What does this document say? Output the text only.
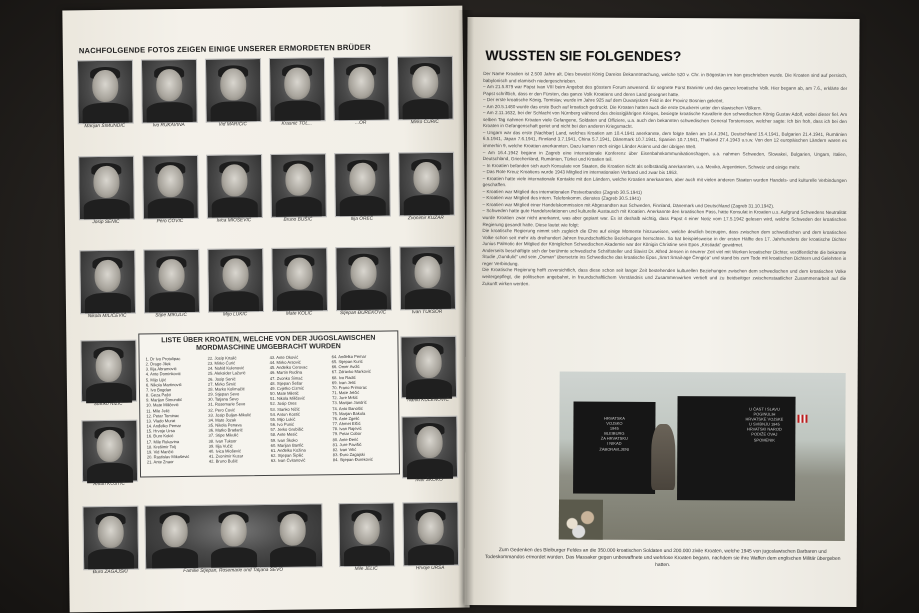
NACHFOLGENDE FOTOS ZEIGEN EINIGE UNSERER ERMORDETEN BRÜDER
Marijan ŠIMUNDIĆ	Ivo RUKAVINA	Vid MARIČIĆ	Krasnić TOL...	...OR	Mirko ĆURIĆ
Josip SENIĆ	Pero ĆOVIĆ	Ivica MIOŠEVIĆ	Bruno BUŠIĆ	Ilija OREČ	Zvonimir KUZAR
Nikola MILIČEVIĆ	Stipe MIKULIĆ	Mijo LUKIĆ	Mate KOLIĆ	Stjepan ĐUREKOVIĆ	Ivan TUKSOR
Stanko NIŽIĆ
Nahid KULENOVIĆ
Antun KOSTIĆ
Ivan ŠKOKO
Đuro ZAGAJSKI	Familie Stjepan, Rosemarie und Tatjana ŠEVO	Mile JELIĆ	Hrvoje URSA
LISTE ÜBER KROATEN, WELCHE VON DER JUGOSLAWISCHEN MORDMASCHINE UMGEBRACHT WURDEN
1. Dr Ivo Protulipac
2. Drago Jilek
3. Ilija Abramović
4. Ante Dominković
5. Mijo Lijić
6. Nikola Martinović
7. Ivo Bogdan
8. Geza Pašti
9. Marijan Šimundić
10. Mate Miličević
11. Mile Jelić
12. Petar Tominac
13. Vlado Murat
14. Anđelko Pemar
15. Hrvoje Ursa
16. Đuro Kokić
17. Mile Rukavina
18. Krešimir Tolj
19. Vid Maričić
20. Rastislav Mikošević
21. Ante Znaor
22. Josip Krtalić
23. Mirko Ćurić
24. Nahid Kulenović
25. Aleksider Lažurić
26. Josip Senić
27. Mirko Šimić
28. Marko Kolimačić
29. Stjepan Sevo
30. Tatjana Ševo
31. Rosemarie Ševo
32. Pero Ćović
33. Josip Buljan-Mikulić
34. Mato Jozak
35. Nikola Penava
36. Matko Bradarić
37. Stipe Mikulić
38. Ivan Tuksor
39. Ilija Vučić
40. Ivica Miošević
41. Zvonimir Kuzar
42. Bruno Bušić
43. Ante Oković
44. Mirko Arsović
45. Anđelko Cerovac
46. Martin Rudina
47. Zvonko Šimać
48. Stjepan Šešar
49. Cvjetko Cizmić
50. Mate Miletić
51. Nikola Miličević
52. Josip Ores
53. Stanko Nižić
54. Antun Kostić
55. Mijo Lukić
56. Ivo Punić
57. Jerko Grubišić
58. Ante Mesić
59. Ivan Škoko
60. Marijan Banfić
61. Anđelko Kožina
62. Stjepan Šipilić
63. Ivan Čvitanović
64. Anđelko Pemar
65. Stjepan Kurić
66. Omer Avdić
67. Zdravko Marković
68. Ivo Radić
69. Ivan Jelić
70. Frano Primorac
71. Mate Jelčić
72. Jure Mršić
73. Marijan Jandrić
74. Anto Banošić
75. Marjan Bakula
76. Ante Zgelić
77. Ahmet Elčić
78. Ivan Rajević
79. Petar Cobor
80. Ante Đerić
81. Jure Pavišić
82. Ivan Vrlić
83. Đuro Zagajski
84. Stjepan Đureković
WUSSTEN SIE FOLGENDES?
Der Name Kroatien ist 2.500 Jahre alt. Dies beweist König Dareios Bekanntmachung, welche 520 v. Chr. in Bögostan im Iran geschrieben wurde. Die Kroaten sind auf persisch, babylonisch und elamisch niedergeschrieben.
– Am 21.5.879 war Papst Ivan VIII beim Angebot des gösstem Forum anwesend. Er segnete Fürst Branimir und das ganze kroatische Volk. Hier begann ab, am 7.6., erklärte der Papst schriftlich, dass er den Fürsten, das ganze Volk Kroatiens und deren Land gesegnet hatte.
– Der erste kroatische König, Tomislav, wurde im Jahre 925 auf dem Duvanjskom Feld in der Provinz Bosnien gekrönt.
– Am 20.5.1480 wurde das erste Buch auf kroatisch gedruckt. Die Kroaten hatten auch die erste Druckerei unter den slawischen Völkern.
– Am 2.11.1632, bei der Schlacht von Nürnberg während des dreissigjährigen Krieges, besiegte kroatische Kavallerie den schwedischen König Gustav Adolf, wobei dieser fiel. Am selben Tag nahmen Kroaten viele Gefangene, Soldaten und Offiziere, u.a. auch den bekannten schwedischen General Torstensson, welcher sagte: Ich bin froh, dass ich bei den Kroaten in Gefangenschaft geriet und nicht bei den anderen Kriegsmacht.
– Ungarn war das erste (Nachbar) Land, welches Kroatien am 10.4.1941 anerkannte, dem folgte Italien am 14.4.1941, Deutschland 15.4.1941, Bulgarien 21.4.1941, Rumänien 6.5.1941, Japan 7.6.1941, Finnland 3.7.1941, China 5.7.1941, Dänemark 10.7.1941, Spanien 10.7.1941, Thailand 27.4.1943 u.s.w. Von den 12 europäischen Ländern waren es immerhin 9, welche Kroatien anerkannten. Dazu kamen noch einige Länder Asiens und der übrigen Welt.
– Am 16.4.1942 begann in Zagreb eine internationale Konferenz über Eisenbahnkommunikationsfragen, u.a. nahmen Schweden, Slowakei, Bulgarien, Ungarn, Italien, Deutschland, Griechenland, Rumänien, Türkei und Kroatien teil.
– In Kroatien befanden sich auch Konsulate von Staaten, die Kroatien nicht als selbständig anerkannten, u.a. Mexiko, Argentinien, Schweiz und einige mehr.
– Das Rote Kreuz Kroatiens wurde 1943 Mitglied im internationalen Verband und zwar bis 1953.
– Kroatien hatte viele internationale Kontakte mit den Ländern, welche Kroatien anerkannten, aber auch mit vielen anderen Staaten wurden Handels- und kulturelle Verbindungen geschaffen.
– Kroatien war Mitglied des internationalen Postverbandes (Zagreb 30.5.1941)
– Kroatien war Mitglied des intern. Telefonkomm. dienstes (Zagreb 30.5.1941)
– Kroatien war Mitglied einer Handelskommission mit Abgesandten aus Schweden, Finnland, Dänemark und Deutschland (Zagreb 31.10.1942).
– Schweden hatte gute Handelsrelationen und kulturelle Austausch mit Kroatien. Anerkannte den kroatischen Pass, hatte Konsulat in Kroatien u.s. Aufgrund Schwedens Neutralität wurde Kroatien zwar nicht anerkannt, was aber gepiant war. Es ist deshalb wichtig, dass Papst 4 einer Notiz vom 17.5.1942 gelesen wird, welche Schweden der kroatischen Regierung gesandt hatte. Diese lautet wie folgt:
Die kroatische Regierung nimmt sich zugleich die Ehre auf einige Momente hinzuweisen, welche deutlich bezeugen, dass zwischen dem schwedischen und dem kroatischen Volke schon seit mehr als dreihundert Jahren freundschaftliche Beziehungen herrschten. So hat beispielsweise in der ersten Hälfte des 17. Jahrhunderts der kroatische Dichter Junius Palmotic der Mitglied der Königlichen Schwedischen Akademie war der Königin Christine sein Epos „Kristiada“ gewidmet.
Anderseits beschäftigte sich der berühmte schwedische Schriftsteller und Slavist Dr. Alfred Jensen in neuerer Zeit viel mit Werken kroatischer Dichter, veröffentlichte die bekannte Studie „Gundulić“ und sein „Osman“ übersetzte ins Schwedische das kroatische Epos „Smrt Smail-age Čengića“ und stand bis zum Tode mit kroatischen Dichtern und Gelehrten in reger Verbindung.
Die Kroatische Regierung hofft zuversichtlich, dass diese schon seit langer Zeit bestehenden kulturellen Beziehungen zwischen dem schwedischen und dem kroatischen Volke weitergepflegt, die politischen angebahnt, in freundschaftlichem Verständnis und Zusammenwirken vertieft und zu beidseitiger zwischenstaatlicher Zusammenarbeit auf die Zukunft wirken werden.
HRVATSKA
VOJSKO
1945
BLEIBURG
ZA HRVATSKU
I NIKAD
ZABORAVLJENI
U ČAST I SLAVU
POGINULIH
HRVATSKE VOJSKE
U SVIBNJU 1945
HRVATSKI NAROD
PODIŽE OVAJ
SPOMENIK
Zum Gedenken des Bleiburger Feldes an die 350.000 kroatischen Soldaten und 200.000 zivile Kroaten, welche 1945 von jugoslawischen Barbaren und Todeskommandos ermordet wurden. Das Massaker gegen unbewaffnete und wehrlose Kroaten begann, nachdem sie ihre Waffen dem englischen Militär übergeben hatten.
